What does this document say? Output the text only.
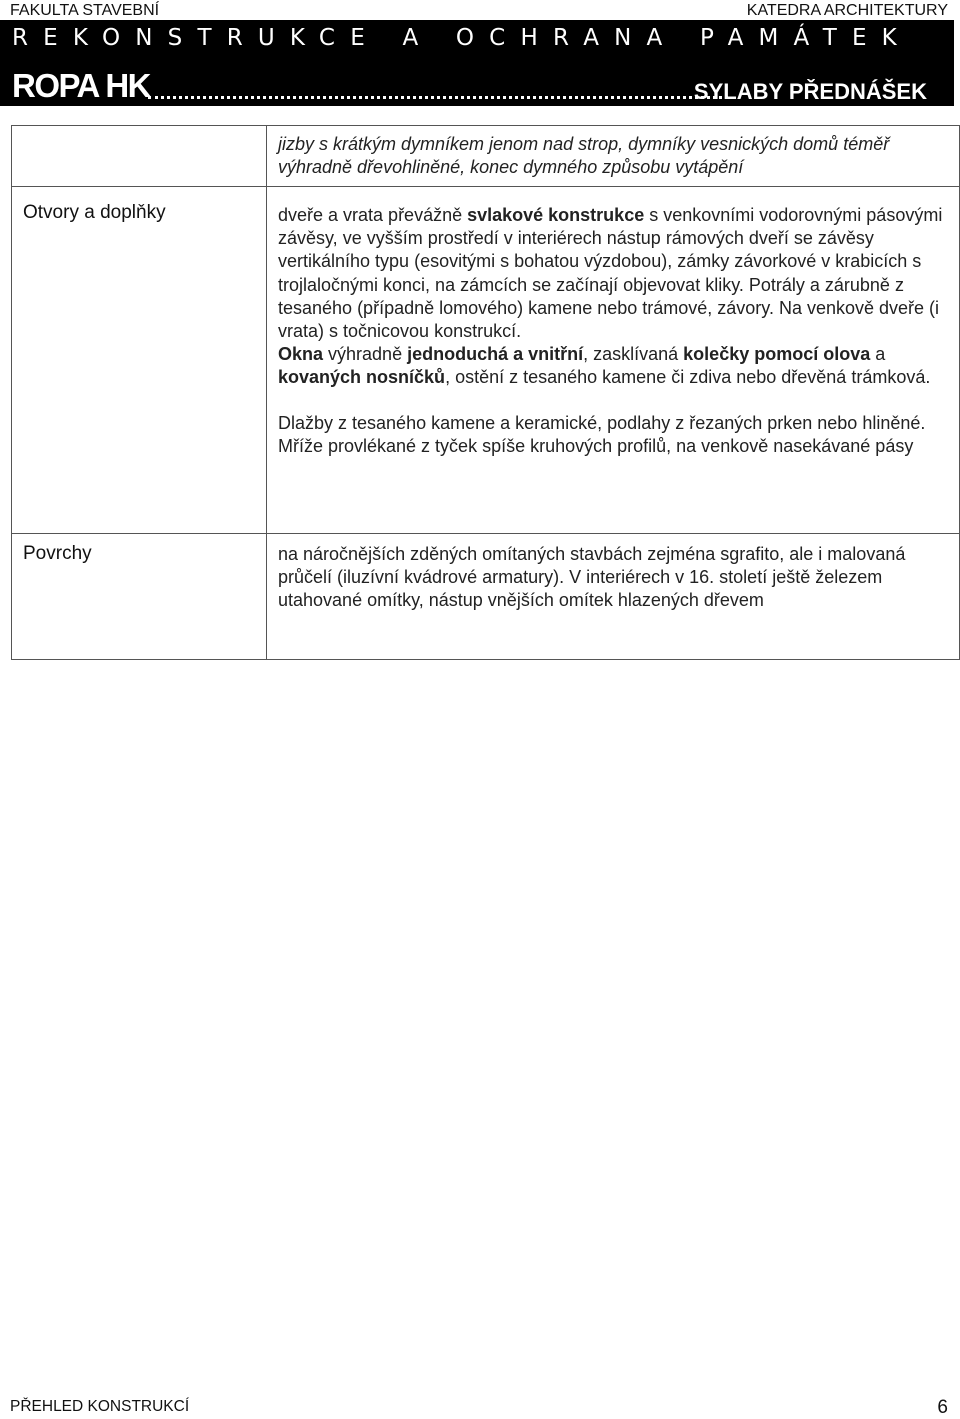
FAKULTA STAVEBNÍ	KATEDRA ARCHITEKTURY
REKONSTRUKCE A OCHRANA PAMÁTEK
ROPA HK	SYLABY PŘEDNÁŠEK

	jizby s krátkým dymníkem jenom nad strop, dymníky vesnických domů téměř výhradně dřevohliněné, konec dymného způsobu vytápění

Otvory a doplňky	dveře a vrata převážně svlakové konstrukce s venkovními vodorovnými pásovými závěsy, ve vyšším prostředí v interiérech nástup rámových dveří se závěsy vertikálního typu (esovitými s bohatou výzdobou), zámky závorkové v krabicích s trojlaločnými konci, na zámcích se začínají objevovat kliky. Potrály a zárubně z tesaného (případně lomového) kamene nebo trámové, závory. Na venkově dveře (i vrata) s točnicovou konstrukcí.
Okna výhradně jednoduchá a vnitřní, zasklívaná kolečky pomocí olova a kovaných nosníčků, ostění z tesaného kamene či zdiva nebo dřevěná trámková.
Dlažby z tesaného kamene a keramické, podlahy z řezaných prken nebo hliněné. Mříže provlékané z tyček spíše kruhových profilů, na venkově nasekávané pásy

Povrchy	na náročnějších zděných omítaných stavbách zejména sgrafito, ale i malovaná průčelí (iluzívní kvádrové armatury). V interiérech v 16. století ještě železem utahované omítky, nástup vnějších omítek hlazených dřevem
PŘEHLED KONSTRUKCÍ	6
